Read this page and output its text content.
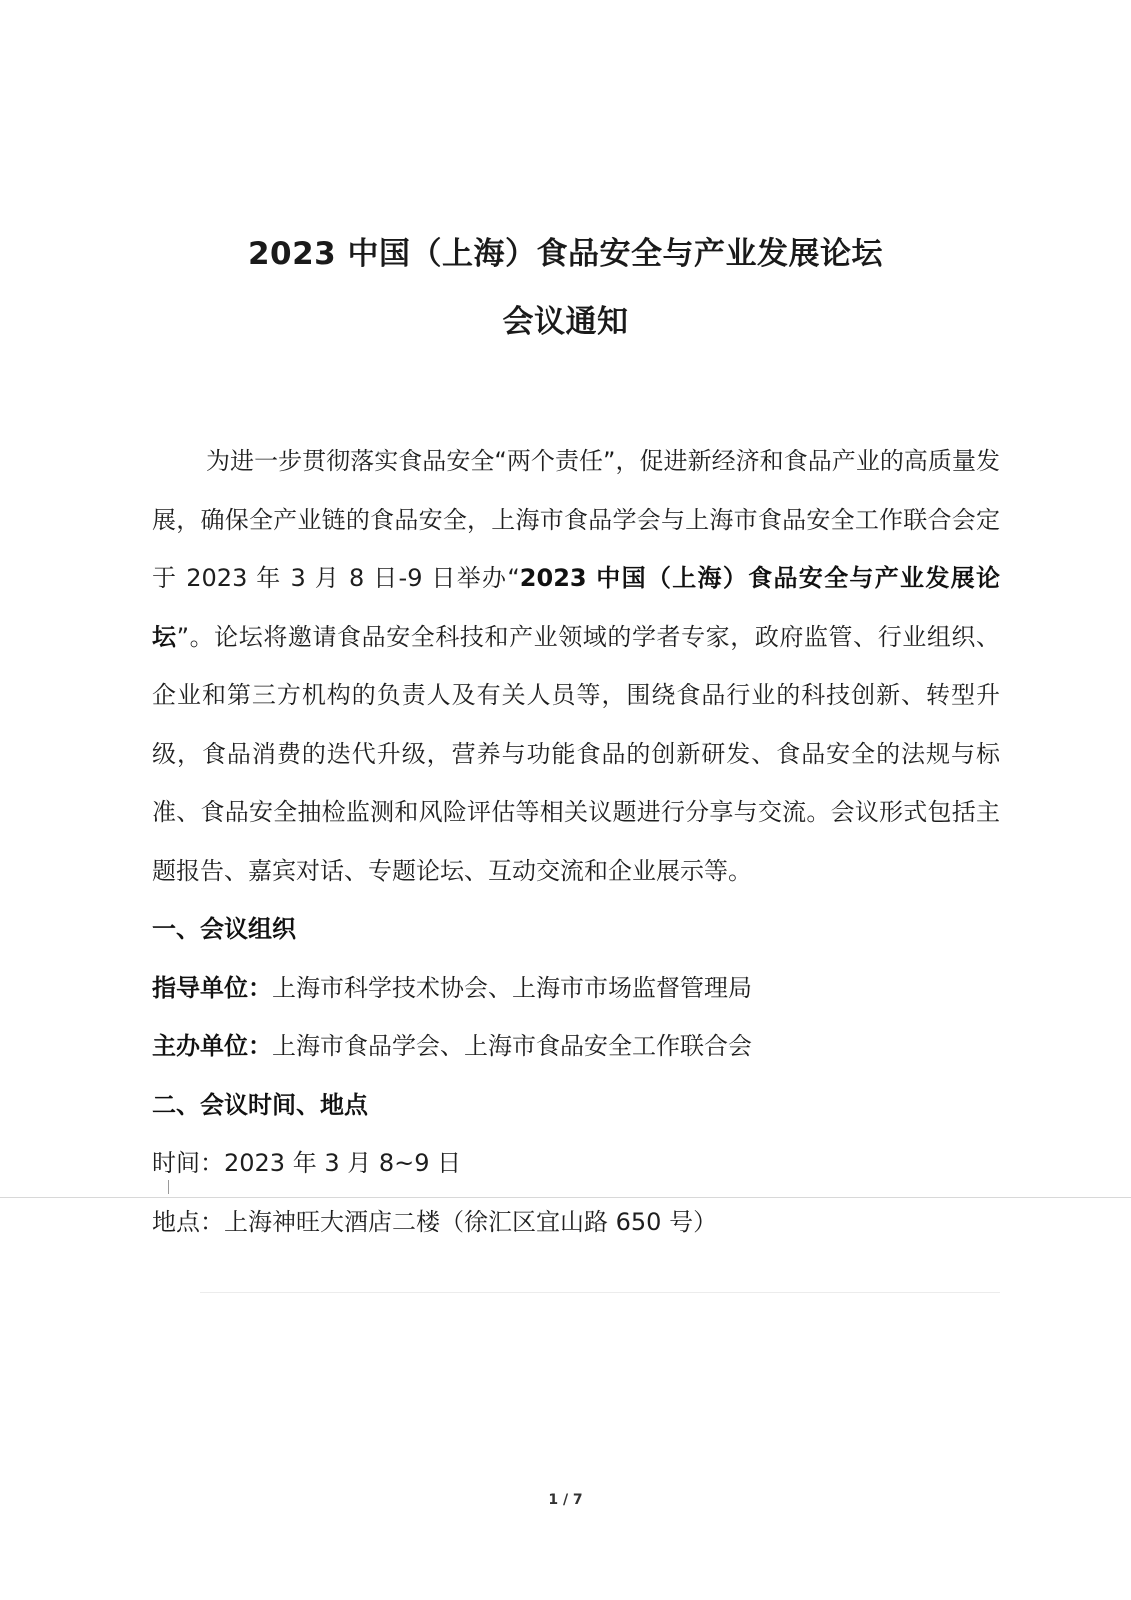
2023 中国（上海）食品安全与产业发展论坛
会议通知

为进一步贯彻落实食品安全“两个责任”，促进新经济和食品产业的高质量发展，确保全产业链的食品安全，上海市食品学会与上海市食品安全工作联合会定于 2023 年 3 月 8 日-9 日举办“2023 中国（上海）食品安全与产业发展论坛”。论坛将邀请食品安全科技和产业领域的学者专家，政府监管、行业组织、企业和第三方机构的负责人及有关人员等，围绕食品行业的科技创新、转型升级，食品消费的迭代升级，营养与功能食品的创新研发、食品安全的法规与标准、食品安全抽检监测和风险评估等相关议题进行分享与交流。会议形式包括主题报告、嘉宾对话、专题论坛、互动交流和企业展示等。

一、会议组织

指导单位：上海市科学技术协会、上海市市场监督管理局

主办单位：上海市食品学会、上海市食品安全工作联合会

二、会议时间、地点

时间：2023 年 3 月 8~9 日

地点：上海神旺大酒店二楼（徐汇区宜山路 650 号）

1 / 7
